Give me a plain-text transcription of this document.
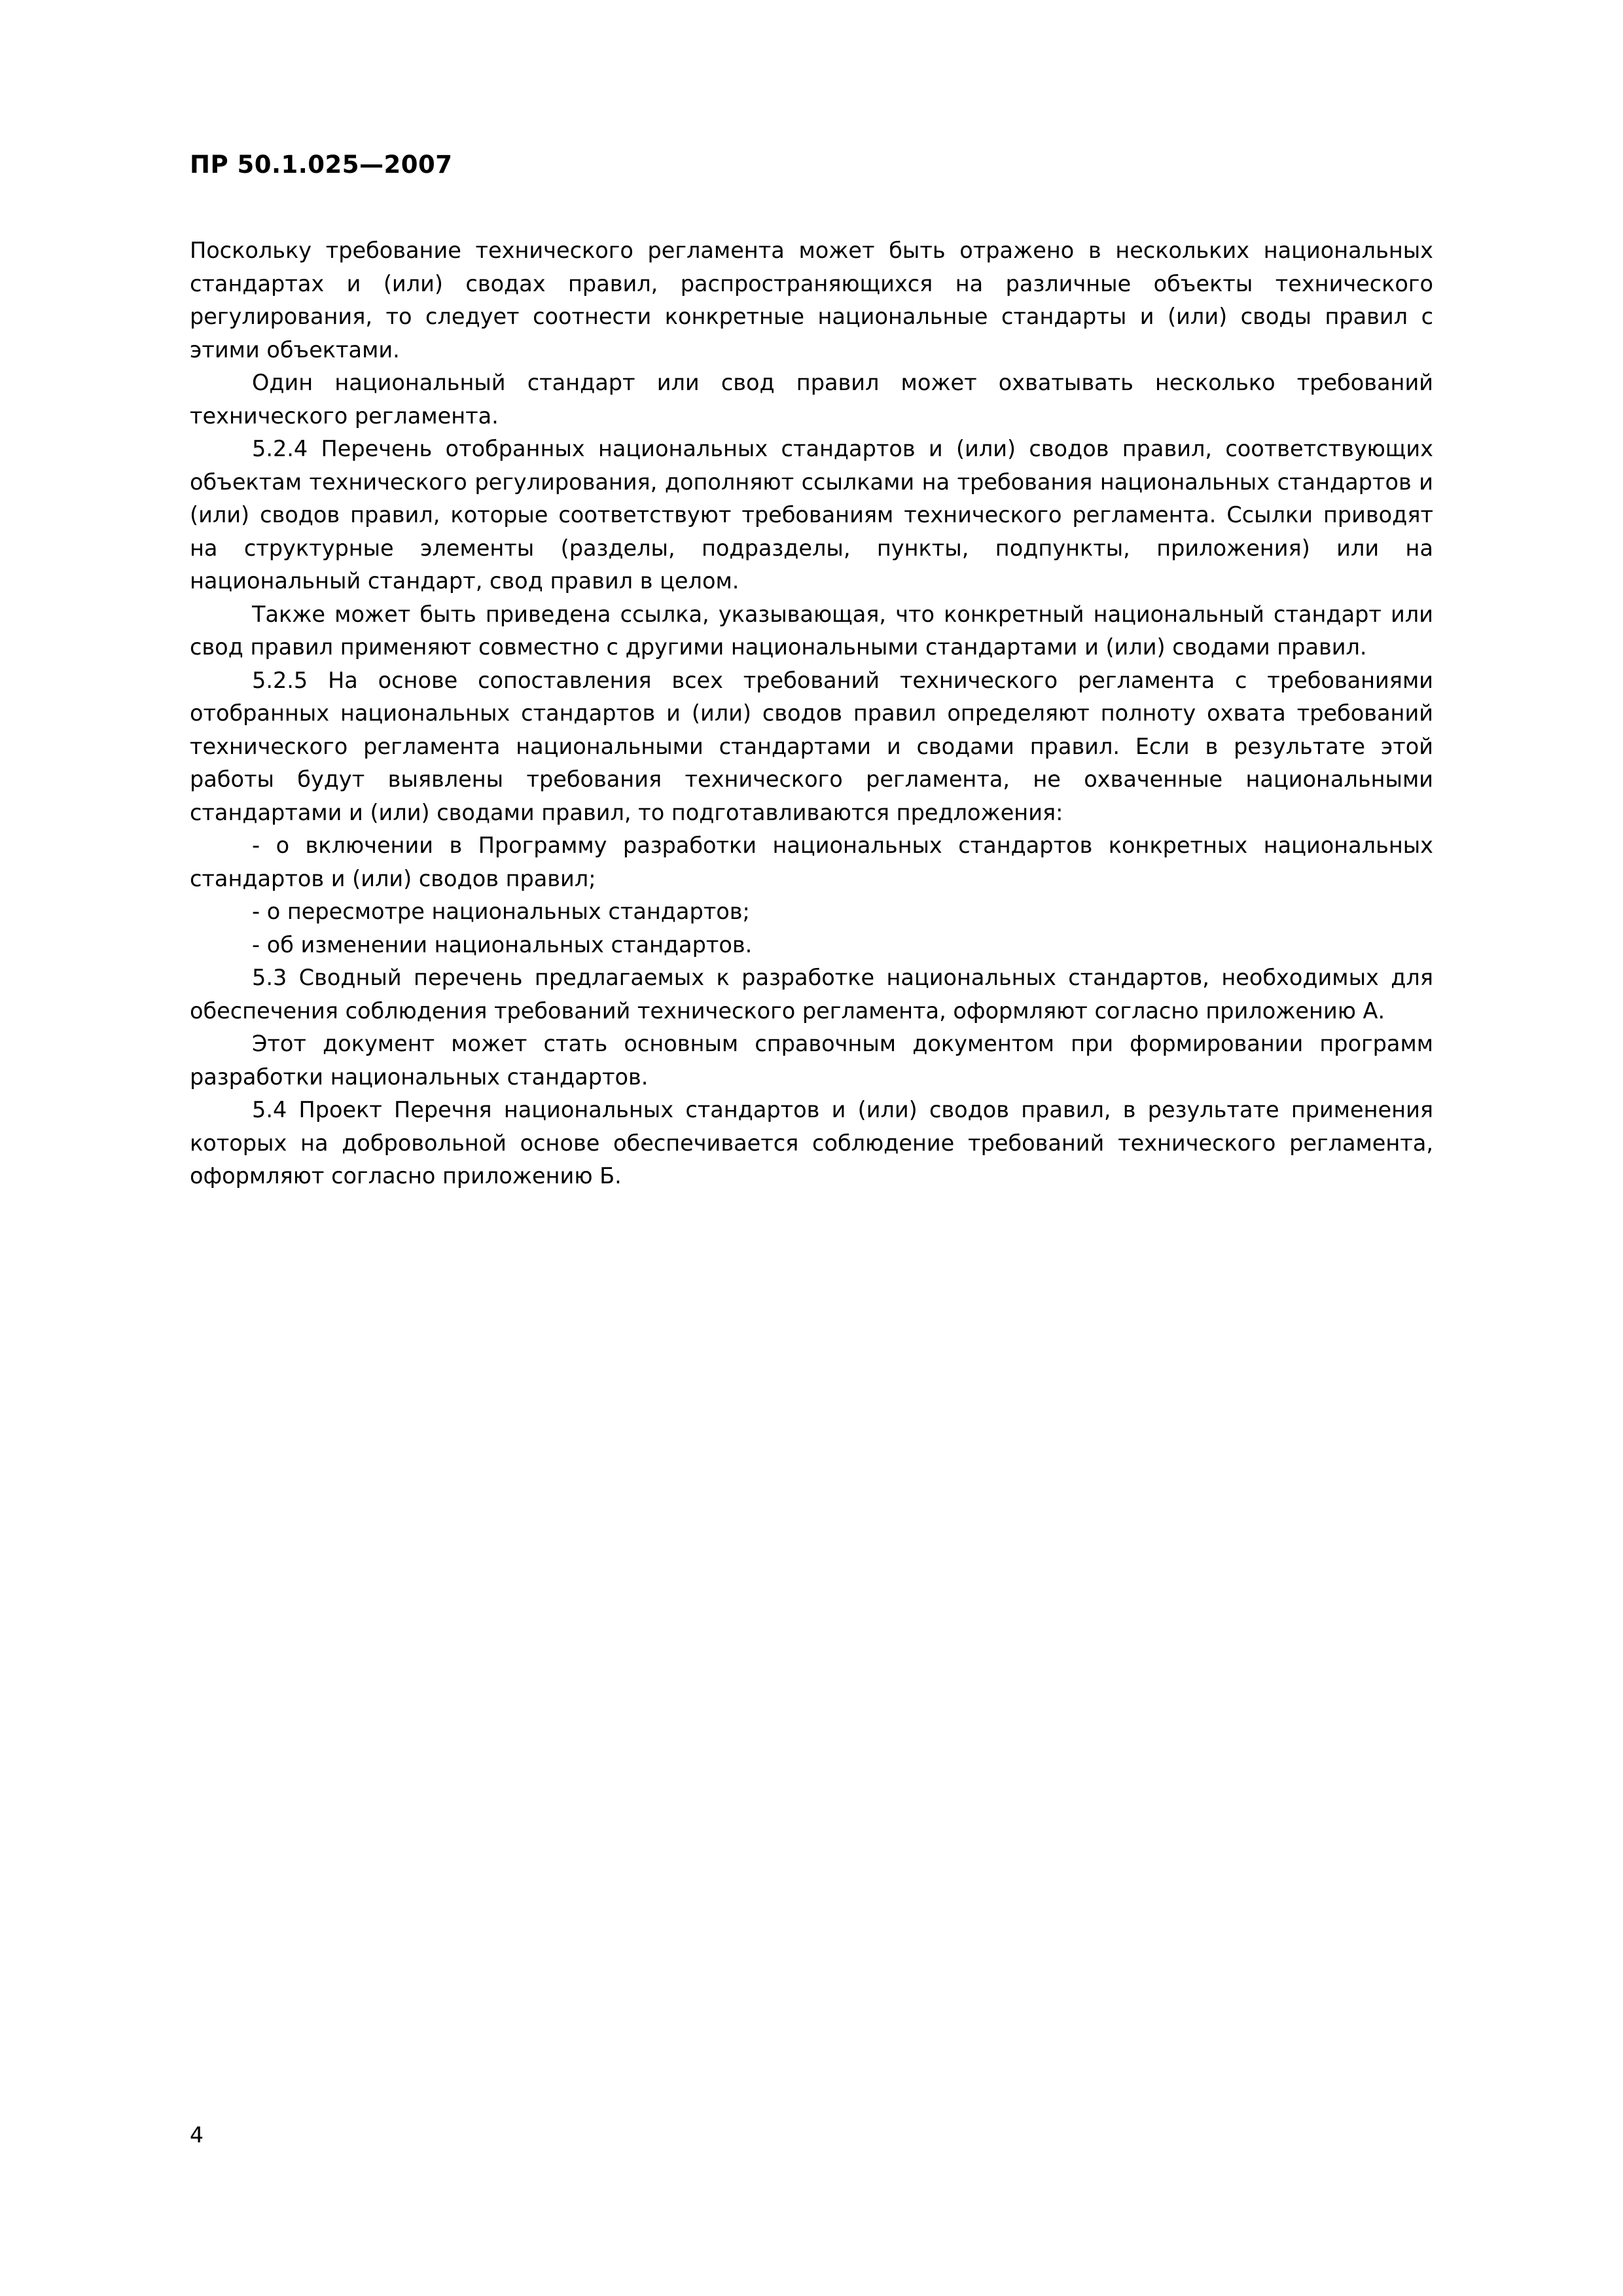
ПР 50.1.025—2007

Поскольку требование технического регламента может быть отражено в нескольких национальных стандартах и (или) сводах правил, распространяющихся на различные объекты технического регулирования, то следует соотнести конкретные национальные стандарты и (или) своды правил с этими объектами.

Один национальный стандарт или свод правил может охватывать несколько требований технического регламента.

5.2.4 Перечень отобранных национальных стандартов и (или) сводов правил, соответствующих объектам технического регулирования, дополняют ссылками на требования национальных стандартов и (или) сводов правил, которые соответствуют требованиям технического регламента. Ссылки приводят на структурные элементы (разделы, подразделы, пункты, подпункты, приложения) или на национальный стандарт, свод правил в целом.

Также может быть приведена ссылка, указывающая, что конкретный национальный стандарт или свод правил применяют совместно с другими национальными стандартами и (или) сводами правил.

5.2.5 На основе сопоставления всех требований технического регламента с требованиями отобранных национальных стандартов и (или) сводов правил определяют полноту охвата требований технического регламента национальными стандартами и сводами правил. Если в результате этой работы будут выявлены требования технического регламента, не охваченные национальными стандартами и (или) сводами правил, то подготавливаются предложения:

- о включении в Программу разработки национальных стандартов конкретных национальных стандартов и (или) сводов правил;

- о пересмотре национальных стандартов;

- об изменении национальных стандартов.

5.3 Сводный перечень предлагаемых к разработке национальных стандартов, необходимых для обеспечения соблюдения требований технического регламента, оформляют согласно приложению А.

Этот документ может стать основным справочным документом при формировании программ разработки национальных стандартов.

5.4 Проект Перечня национальных стандартов и (или) сводов правил, в результате применения которых на добровольной основе обеспечивается соблюдение требований технического регламента, оформляют согласно приложению Б.

4
